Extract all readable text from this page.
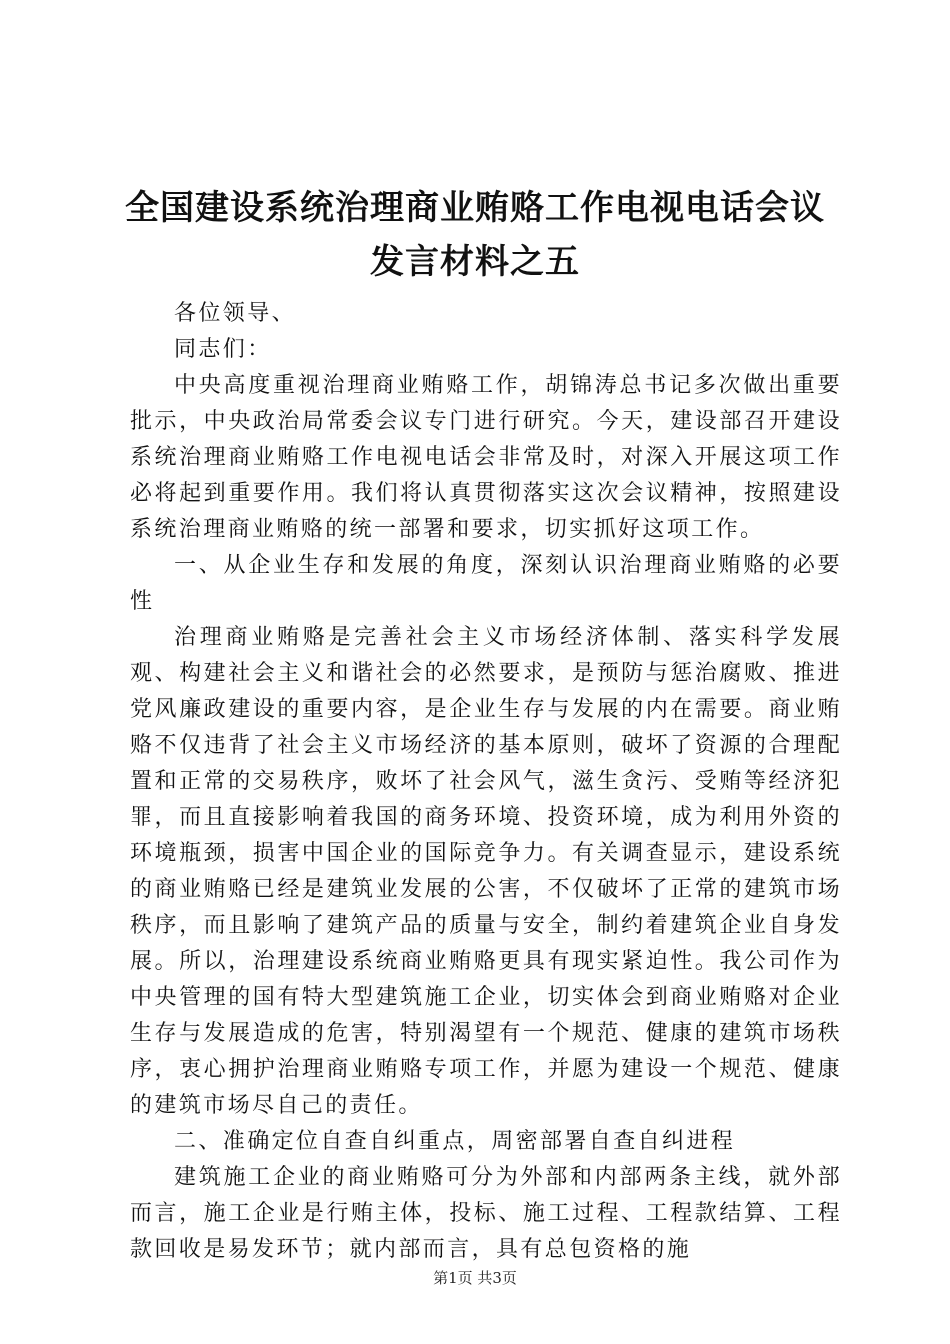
全国建设系统治理商业贿赂工作电视电话会议
发言材料之五

各位领导、

同志们：

中央高度重视治理商业贿赂工作，胡锦涛总书记多次做出重要批示，中央政治局常委会议专门进行研究。今天，建设部召开建设系统治理商业贿赂工作电视电话会非常及时，对深入开展这项工作必将起到重要作用。我们将认真贯彻落实这次会议精神，按照建设系统治理商业贿赂的统一部署和要求，切实抓好这项工作。

一、从企业生存和发展的角度，深刻认识治理商业贿赂的必要性

治理商业贿赂是完善社会主义市场经济体制、落实科学发展观、构建社会主义和谐社会的必然要求，是预防与惩治腐败、推进党风廉政建设的重要内容，是企业生存与发展的内在需要。商业贿赂不仅违背了社会主义市场经济的基本原则，破坏了资源的合理配置和正常的交易秩序，败坏了社会风气，滋生贪污、受贿等经济犯罪，而且直接影响着我国的商务环境、投资环境，成为利用外资的环境瓶颈，损害中国企业的国际竞争力。有关调查显示，建设系统的商业贿赂已经是建筑业发展的公害，不仅破坏了正常的建筑市场秩序，而且影响了建筑产品的质量与安全，制约着建筑企业自身发展。所以，治理建设系统商业贿赂更具有现实紧迫性。我公司作为中央管理的国有特大型建筑施工企业，切实体会到商业贿赂对企业生存与发展造成的危害，特别渴望有一个规范、健康的建筑市场秩序，衷心拥护治理商业贿赂专项工作，并愿为建设一个规范、健康的建筑市场尽自己的责任。

二、准确定位自查自纠重点，周密部署自查自纠进程

建筑施工企业的商业贿赂可分为外部和内部两条主线，就外部而言，施工企业是行贿主体，投标、施工过程、工程款结算、工程款回收是易发环节；就内部而言，具有总包资格的施

第1页 共3页
